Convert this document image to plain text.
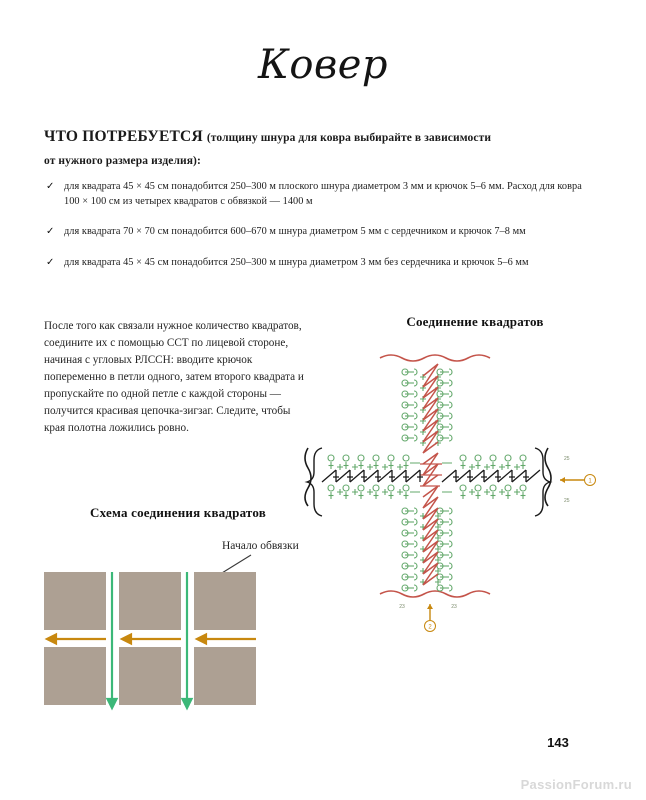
Ковер
ЧТО ПОТРЕБУЕТСЯ (толщину шнура для ковра выбирайте в зависимости
от нужного размера изделия):
✓ для квадрата 45 × 45 см понадобится 250–300 м плоского шнура диаметром 3 мм и крючок 5–6 мм. Расход для ковра 100 × 100 см из четырех квадратов с обвязкой — 1400 м
✓ для квадрата 70 × 70 см понадобится 600–670 м шнура диаметром 5 мм с сердечником и крючок 7–8 мм
✓ для квадрата 45 × 45 см понадобится 250–300 м шнура диаметром 3 мм без сердечника и крючок 5–6 мм
После того как связали нужное количество квадратов, соедините их с помощью ССТ по лицевой стороне, начиная с угловых РЛССН: вводите крючок попеременно в петли одного, затем второго квадрата и пропускайте по одной петле с каждой стороны — получится красивая цепочка-зигзаг. Следите, чтобы края полотна ложились ровно.
Соединение квадратов
Схема соединения квадратов
Начало обвязки
25
25
1
23	23
2
143
PassionForum.ru
